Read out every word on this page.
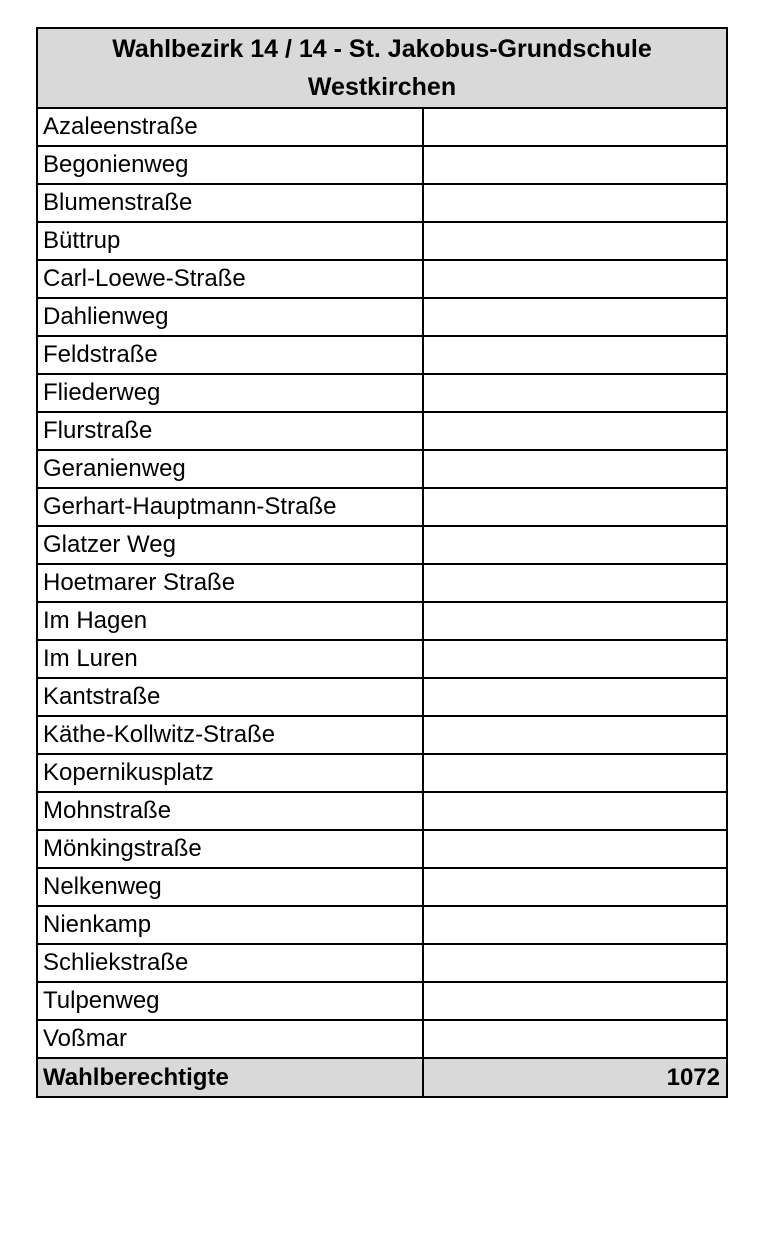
Wahlbezirk 14 / 14 - St. Jakobus-Grundschule
Westkirchen	

Azaleenstraße	
Begonienweg	
Blumenstraße	
Büttrup	
Carl-Loewe-Straße	
Dahlienweg	
Feldstraße	
Fliederweg	
Flurstraße	
Geranienweg	
Gerhart-Hauptmann-Straße	
Glatzer Weg	
Hoetmarer Straße	
Im Hagen	
Im Luren	
Kantstraße	
Käthe-Kollwitz-Straße	
Kopernikusplatz	
Mohnstraße	
Mönkingstraße	
Nelkenweg	
Nienkamp	
Schliekstraße	
Tulpenweg	
Voßmar	
Wahlberechtigte	1072
